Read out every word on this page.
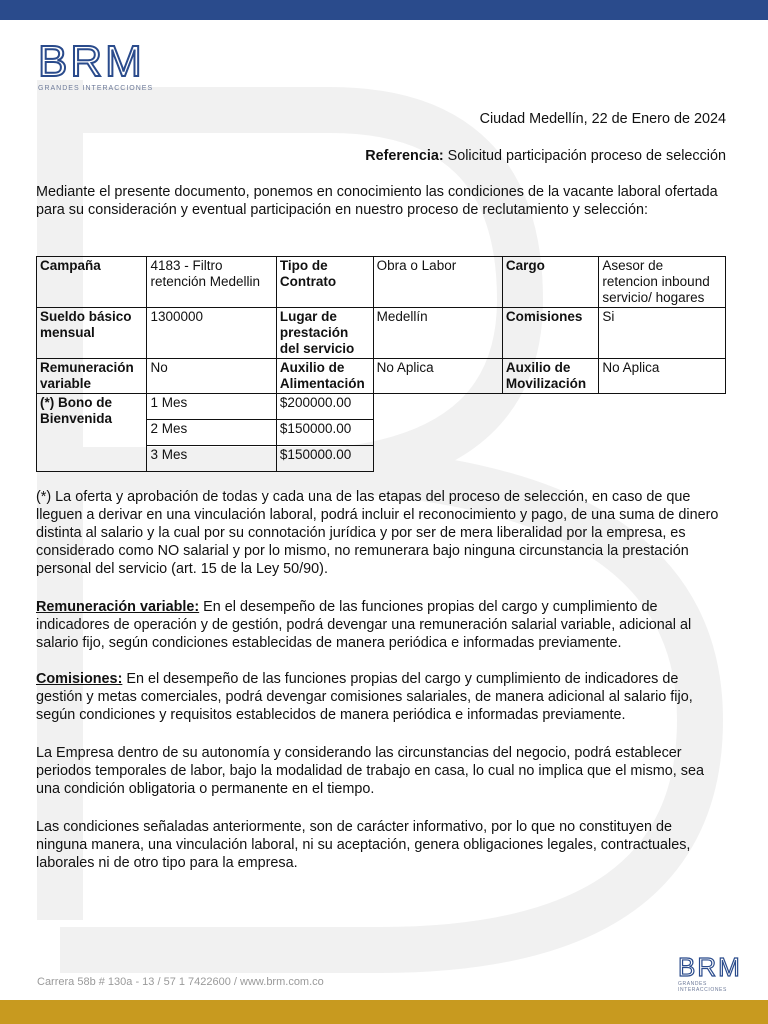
BRM
GRANDES INTERACCIONES
Ciudad Medellín, 22 de Enero de 2024
Referencia: Solicitud participación proceso de selección
Mediante el presente documento, ponemos en conocimiento las condiciones de la vacante laboral ofertada para su consideración y eventual participación en nuestro proceso de reclutamiento y selección:
Campaña	4183 - Filtro retención Medellin	Tipo de Contrato	Obra o Labor	Cargo	Asesor de retencion inbound servicio/ hogares
Sueldo básico mensual	1300000	Lugar de prestación del servicio	Medellín	Comisiones	Si
Remuneración variable	No	Auxilio de Alimentación	No Aplica	Auxilio de Movilización	No Aplica
(*) Bono de Bienvenida	1 Mes	$200000.00			
	2 Mes	$150000.00			
	3 Mes	$150000.00			
(*) La oferta y aprobación de todas y cada una de las etapas del proceso de selección, en caso de que lleguen a derivar en una vinculación laboral, podrá incluir el reconocimiento y pago, de una suma de dinero distinta al salario y la cual por su connotación jurídica y por ser de mera liberalidad por la empresa, es considerado como NO salarial y por lo mismo, no remunerara bajo ninguna circunstancia la prestación personal del servicio (art. 15 de la Ley 50/90).
Remuneración variable: En el desempeño de las funciones propias del cargo y cumplimiento de indicadores de operación y de gestión, podrá devengar una remuneración salarial variable, adicional al salario fijo, según condiciones establecidas de manera periódica e informadas previamente.
Comisiones: En el desempeño de las funciones propias del cargo y cumplimiento de indicadores de gestión y metas comerciales, podrá devengar comisiones salariales, de manera adicional al salario fijo, según condiciones y requisitos establecidos de manera periódica e informadas previamente.
La Empresa dentro de su autonomía y considerando las circunstancias del negocio, podrá establecer periodos temporales de labor, bajo la modalidad de trabajo en casa, lo cual no implica que el mismo, sea una condición obligatoria o permanente en el tiempo.
Las condiciones señaladas anteriormente, son de carácter informativo, por lo que no constituyen de ninguna manera, una vinculación laboral, ni su aceptación, genera obligaciones legales, contractuales, laborales ni de otro tipo para la empresa.
Carrera 58b # 130a - 13 / 57 1 7422600 / www.brm.com.co	BRM
GRANDES INTERACCIONES
